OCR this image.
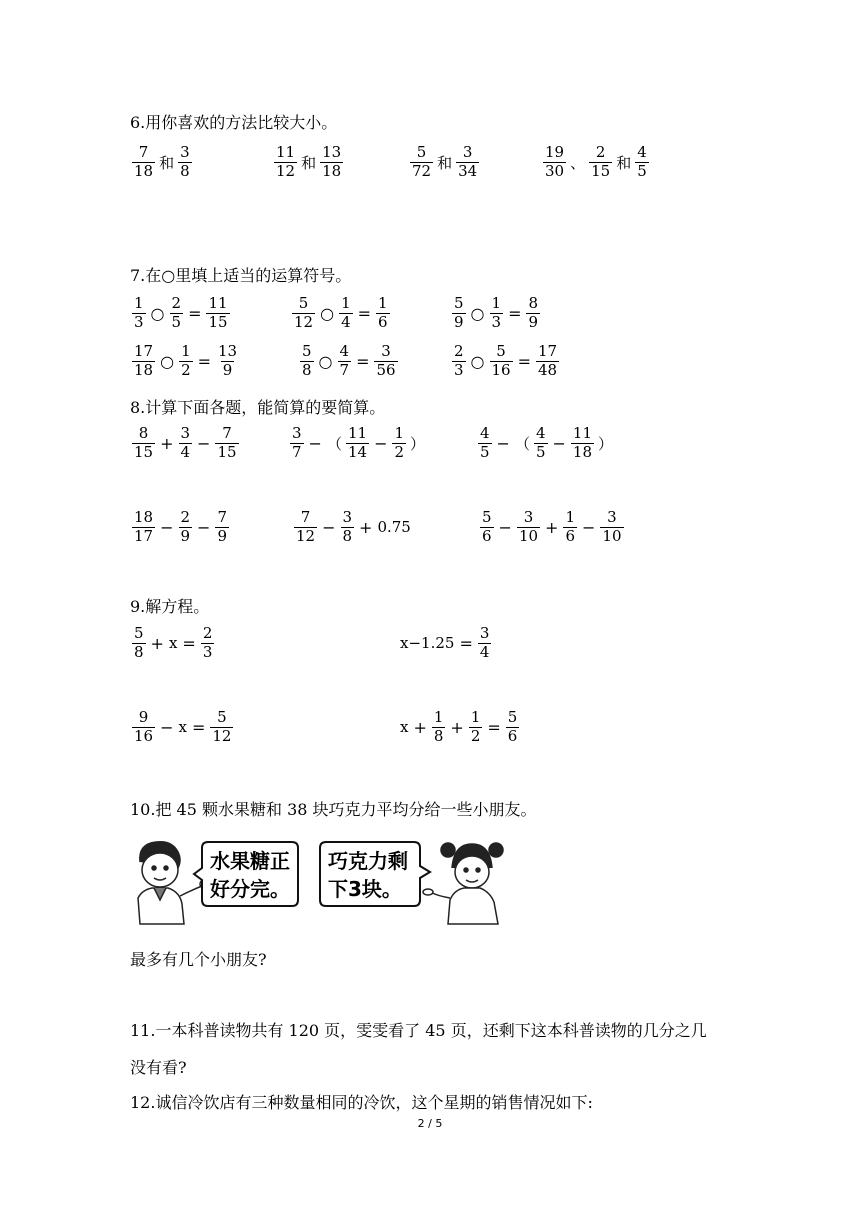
6.用你喜欢的方法比较大小。
$\frac{7}{18}$ 和 $\frac{3}{8}$	$\frac{11}{12}$ 和 $\frac{13}{18}$	$\frac{5}{72}$ 和 $\frac{3}{34}$	$\frac{19}{30}$ 、 $\frac{2}{15}$ 和 $\frac{4}{5}$
7.在○里填上适当的运算符号。
$\frac{1}{3}$ ○ $\frac{2}{5} = \frac{11}{15}$	$\frac{5}{12}$ ○ $\frac{1}{4} = \frac{1}{6}$	$\frac{5}{9}$ ○ $\frac{1}{3} = \frac{8}{9}$
$\frac{17}{18}$ ○ $\frac{1}{2} = \frac{13}{9}$	$\frac{5}{8}$ ○ $\frac{4}{7} = \frac{3}{56}$	$\frac{2}{3}$ ○ $\frac{5}{16} = \frac{17}{48}$
8.计算下面各题，能简算的要简算。
$\frac{8}{15} + \frac{3}{4} - \frac{7}{15}$	$\frac{3}{7}$ − （ $\frac{11}{14} - \frac{1}{2}$ ）	$\frac{4}{5}$ − （ $\frac{4}{5} - \frac{11}{18}$ ）
$\frac{18}{17} - \frac{2}{9} - \frac{7}{9}$	$\frac{7}{12} - \frac{3}{8} + 0.75$	$\frac{5}{6} - \frac{3}{10} + \frac{1}{6} - \frac{3}{10}$
9.解方程。
$\frac{5}{8} + x = \frac{2}{3}$	$x-1.25 = \frac{3}{4}$
$\frac{9}{16} - x = \frac{5}{12}$	$x + \frac{1}{8} + \frac{1}{2} = \frac{5}{6}$
10.把 45 颗水果糖和 38 块巧克力平均分给一些小朋友。
水果糖正
好分完。
巧克力剩
下3块。
最多有几个小朋友?
11.一本科普读物共有 120 页，雯雯看了 45 页，还剩下这本科普读物的几分之几
没有看?
12.诚信冷饮店有三种数量相同的冷饮，这个星期的销售情况如下:
2 / 5
